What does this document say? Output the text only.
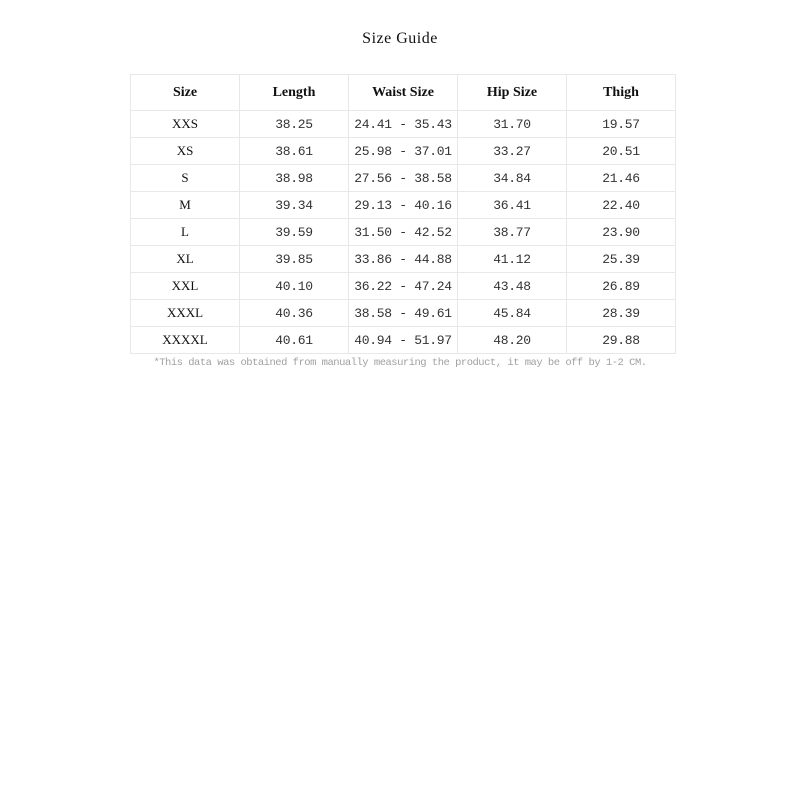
Size Guide
Size	Length	Waist Size	Hip Size	Thigh
XXS	38.25	24.41 - 35.43	31.70	19.57
XS	38.61	25.98 - 37.01	33.27	20.51
S	38.98	27.56 - 38.58	34.84	21.46
M	39.34	29.13 - 40.16	36.41	22.40
L	39.59	31.50 - 42.52	38.77	23.90
XL	39.85	33.86 - 44.88	41.12	25.39
XXL	40.10	36.22 - 47.24	43.48	26.89
XXXL	40.36	38.58 - 49.61	45.84	28.39
XXXXL	40.61	40.94 - 51.97	48.20	29.88
*This data was obtained from manually measuring the product, it may be off by 1-2 CM.
